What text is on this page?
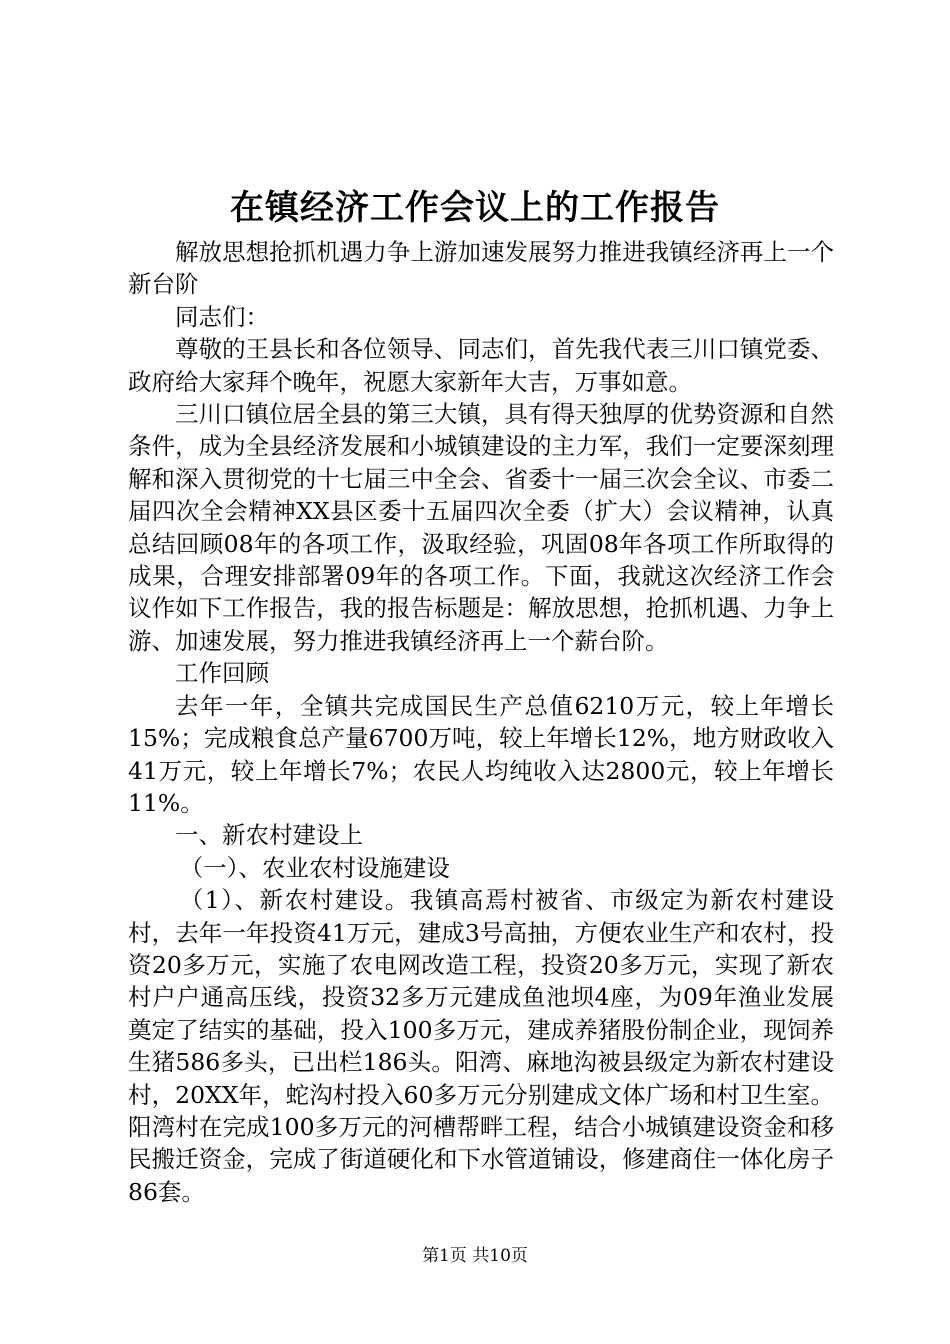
在镇经济工作会议上的工作报告

解放思想抢抓机遇力争上游加速发展努力推进我镇经济再上一个新台阶

同志们：

尊敬的王县长和各位领导、同志们，首先我代表三川口镇党委、政府给大家拜个晚年，祝愿大家新年大吉，万事如意。

三川口镇位居全县的第三大镇，具有得天独厚的优势资源和自然条件，成为全县经济发展和小城镇建设的主力军，我们一定要深刻理解和深入贯彻党的十七届三中全会、省委十一届三次会全议、市委二届四次全会精神XX县区委十五届四次全委（扩大）会议精神，认真总结回顾08年的各项工作，汲取经验，巩固08年各项工作所取得的成果，合理安排部署09年的各项工作。下面，我就这次经济工作会议作如下工作报告，我的报告标题是：解放思想，抢抓机遇、力争上游、加速发展，努力推进我镇经济再上一个薪台阶。

工作回顾

去年一年，全镇共完成国民生产总值6210万元，较上年增长15%；完成粮食总产量6700万吨，较上年增长12%，地方财政收入41万元，较上年增长7%；农民人均纯收入达2800元，较上年增长11%。

一、新农村建设上

（一）、农业农村设施建设

（1）、新农村建设。我镇高焉村被省、市级定为新农村建设村，去年一年投资41万元，建成3号高抽，方便农业生产和农村，投资20多万元，实施了农电网改造工程，投资20多万元，实现了新农村户户通高压线，投资32多万元建成鱼池坝4座，为09年渔业发展奠定了结实的基础，投入100多万元，建成养猪股份制企业，现饲养生猪586多头，已出栏186头。阳湾、麻地沟被县级定为新农村建设村，20XX年，蛇沟村投入60多万元分别建成文体广场和村卫生室。阳湾村在完成100多万元的河槽帮畔工程，结合小城镇建设资金和移民搬迁资金，完成了街道硬化和下水管道铺设，修建商住一体化房子86套。

第1页 共10页
